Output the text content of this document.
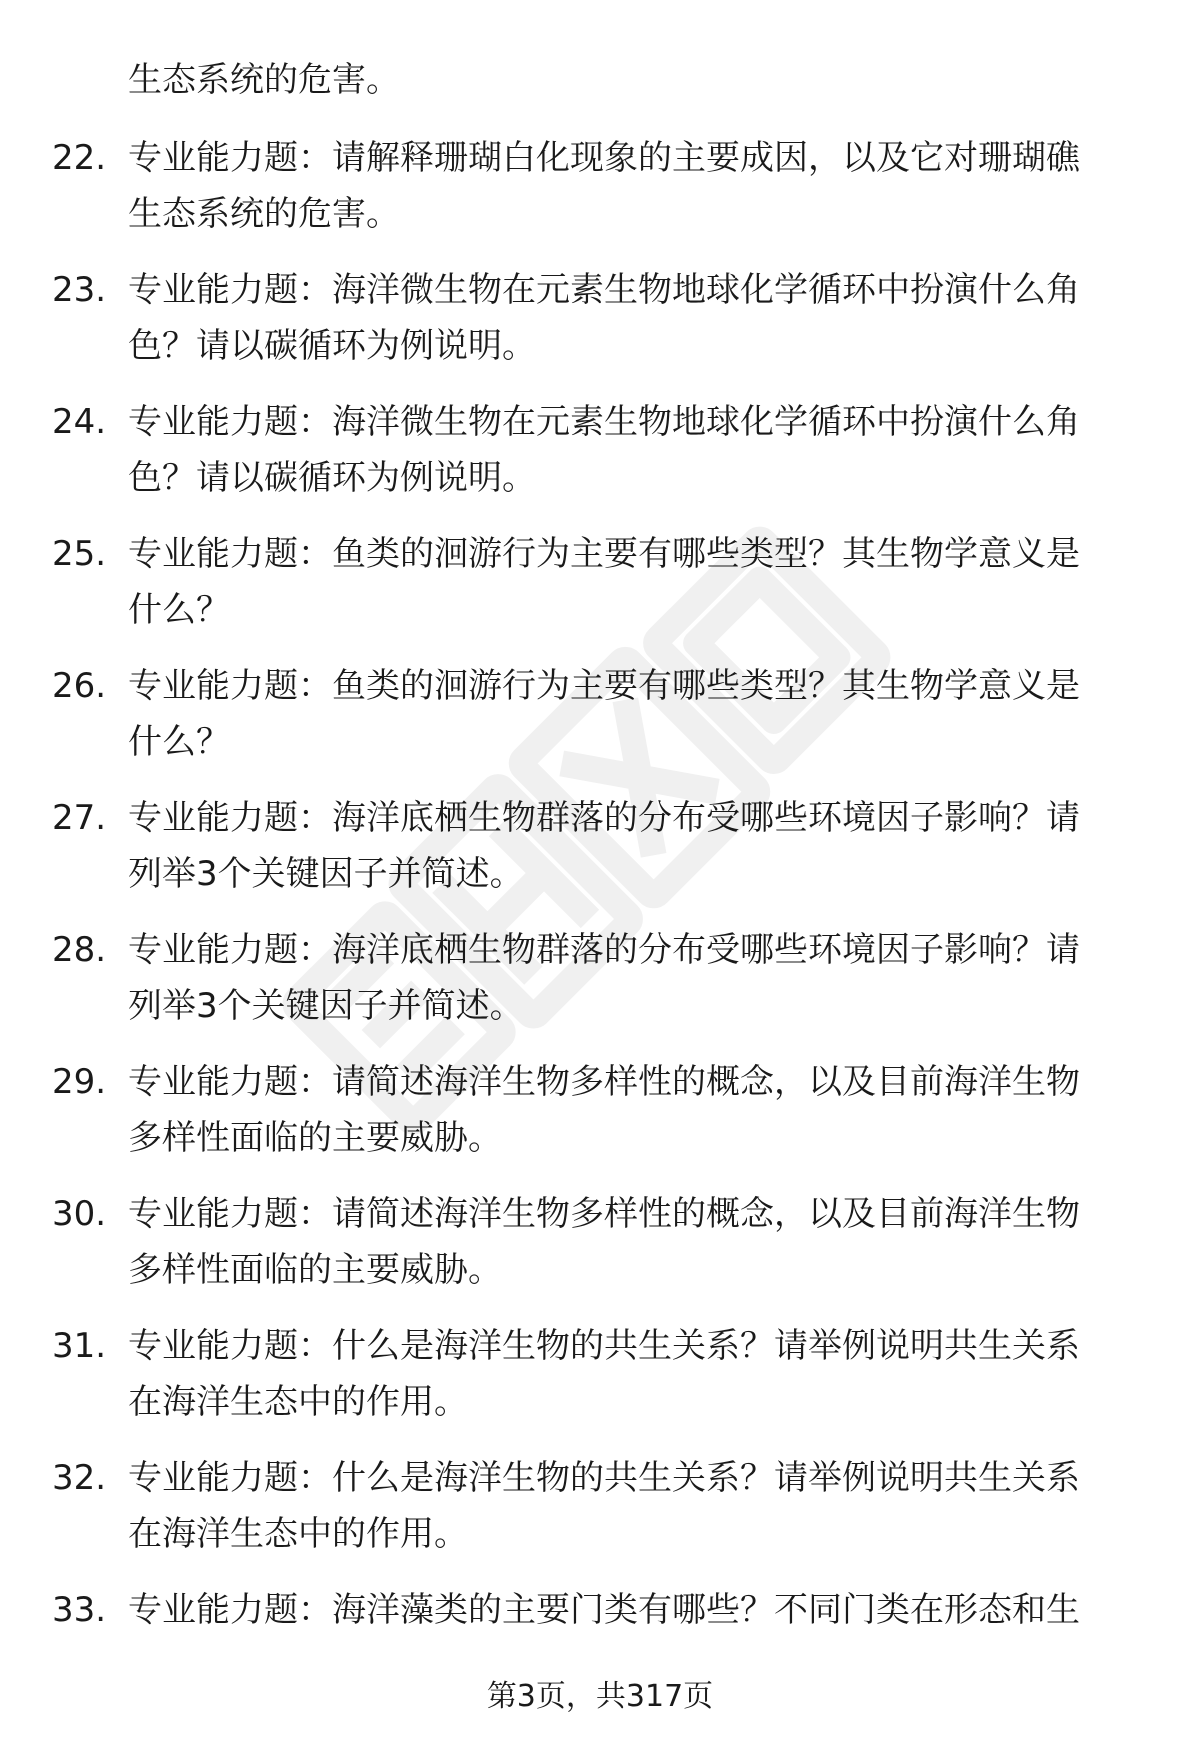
生态系统的危害。
22. 专业能力题：请解释珊瑚白化现象的主要成因，以及它对珊瑚礁
生态系统的危害。
23. 专业能力题：海洋微生物在元素生物地球化学循环中扮演什么角
色？请以碳循环为例说明。
24. 专业能力题：海洋微生物在元素生物地球化学循环中扮演什么角
色？请以碳循环为例说明。
25. 专业能力题：鱼类的洄游行为主要有哪些类型？其生物学意义是
什么？
26. 专业能力题：鱼类的洄游行为主要有哪些类型？其生物学意义是
什么？
27. 专业能力题：海洋底栖生物群落的分布受哪些环境因子影响？请
列举3个关键因子并简述。
28. 专业能力题：海洋底栖生物群落的分布受哪些环境因子影响？请
列举3个关键因子并简述。
29. 专业能力题：请简述海洋生物多样性的概念，以及目前海洋生物
多样性面临的主要威胁。
30. 专业能力题：请简述海洋生物多样性的概念，以及目前海洋生物
多样性面临的主要威胁。
31. 专业能力题：什么是海洋生物的共生关系？请举例说明共生关系
在海洋生态中的作用。
32. 专业能力题：什么是海洋生物的共生关系？请举例说明共生关系
在海洋生态中的作用。
33. 专业能力题：海洋藻类的主要门类有哪些？不同门类在形态和生
第3页，共317页
